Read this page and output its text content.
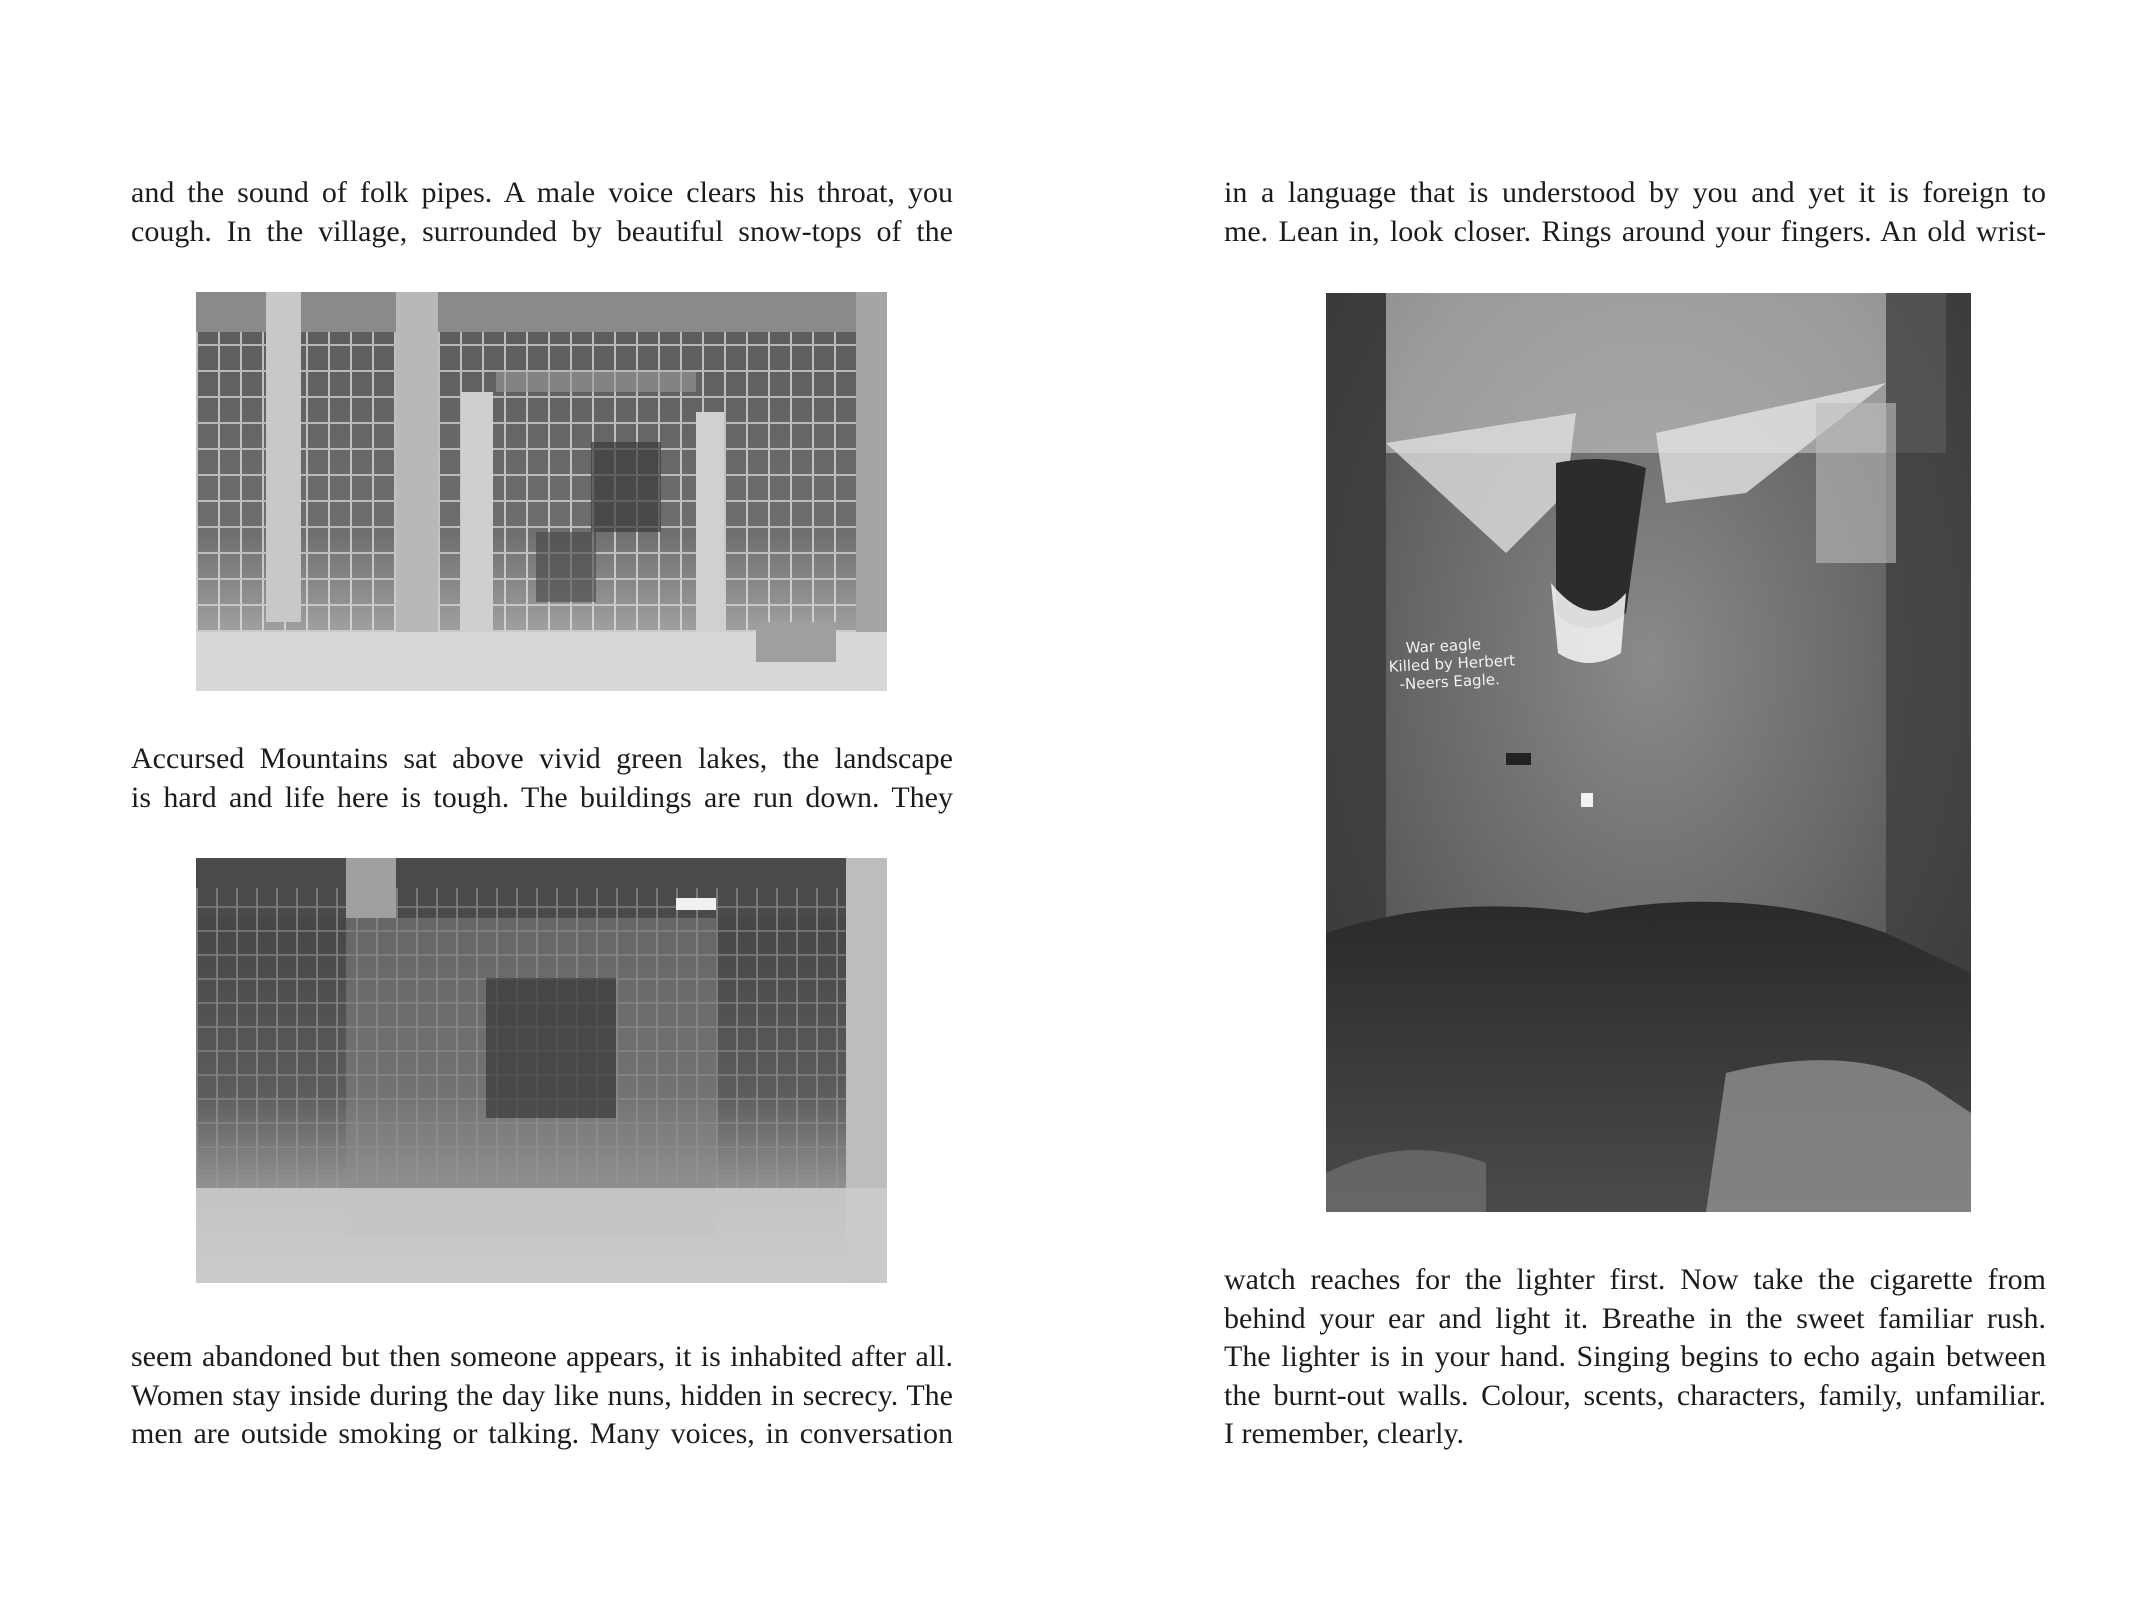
and the sound of folk pipes. A male voice clears his throat, you
cough. In the village, surrounded by beautiful snow-tops of the
Accursed Mountains sat above vivid green lakes, the landscape
is hard and life here is tough. The buildings are run down. They
seem abandoned but then someone appears, it is inhabited after all.
Women stay inside during the day like nuns, hidden in secrecy. The
men are outside smoking or talking. Many voices, in conversation
in a language that is understood by you and yet it is foreign to
me. Lean in, look closer. Rings around your fingers. An old wrist-
War eagle Killed by Herbert -Neers Eagle.
watch reaches for the lighter first. Now take the cigarette from
behind your ear and light it. Breathe in the sweet familiar rush.
The lighter is in your hand. Singing begins to echo again between
the burnt-out walls. Colour, scents, characters, family, unfamiliar.
I remember, clearly.
